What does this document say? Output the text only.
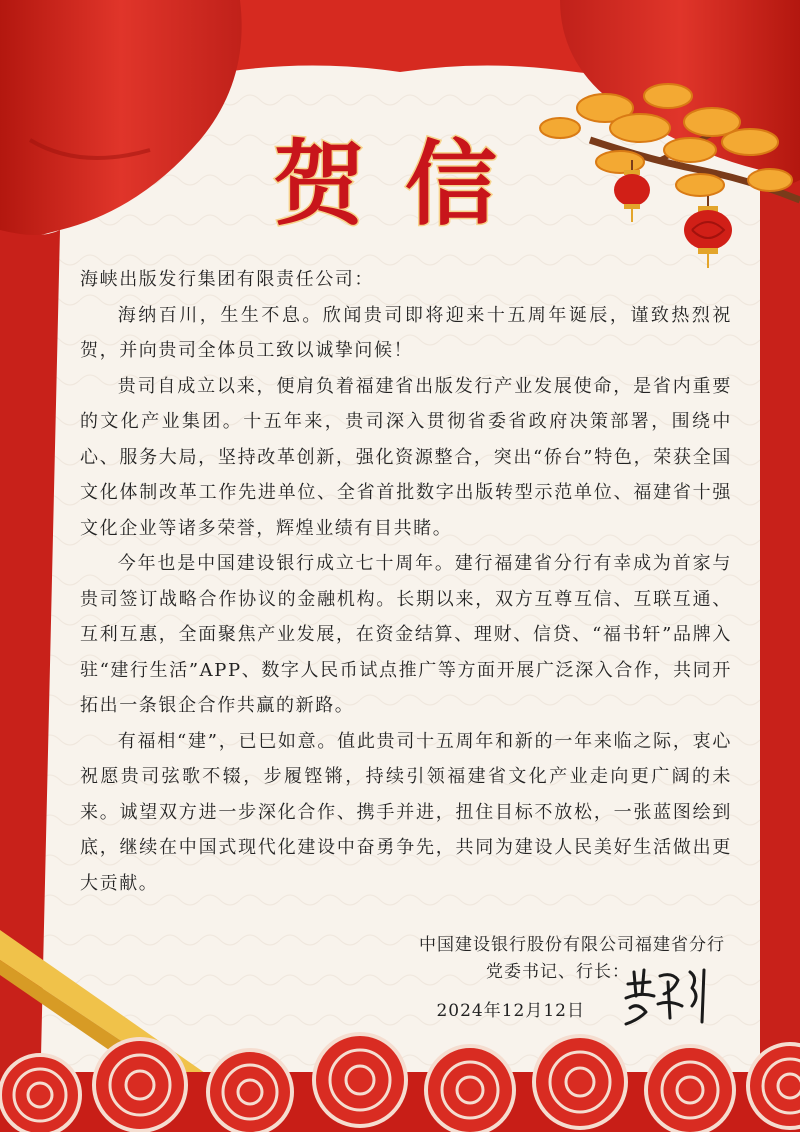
贺信

海峡出版发行集团有限责任公司：

海纳百川，生生不息。欣闻贵司即将迎来十五周年诞辰，谨致热烈祝贺，并向贵司全体员工致以诚挚问候！

贵司自成立以来，便肩负着福建省出版发行产业发展使命，是省内重要的文化产业集团。十五年来，贵司深入贯彻省委省政府决策部署，围绕中心、服务大局，坚持改革创新，强化资源整合，突出“侨台”特色，荣获全国文化体制改革工作先进单位、全省首批数字出版转型示范单位、福建省十强文化企业等诸多荣誉，辉煌业绩有目共睹。

今年也是中国建设银行成立七十周年。建行福建省分行有幸成为首家与贵司签订战略合作协议的金融机构。长期以来，双方互尊互信、互联互通、互利互惠，全面聚焦产业发展，在资金结算、理财、信贷、“福书轩”品牌入驻“建行生活”APP、数字人民币试点推广等方面开展广泛深入合作，共同开拓出一条银企合作共赢的新路。

有福相“建”，已巳如意。值此贵司十五周年和新的一年来临之际，衷心祝愿贵司弦歌不辍，步履铿锵，持续引领福建省文化产业走向更广阔的未来。诚望双方进一步深化合作、携手并进，扭住目标不放松，一张蓝图绘到底，继续在中国式现代化建设中奋勇争先，共同为建设人民美好生活做出更大贡献。

中国建设银行股份有限公司福建省分行
党委书记、行长：
2024年12月12日
